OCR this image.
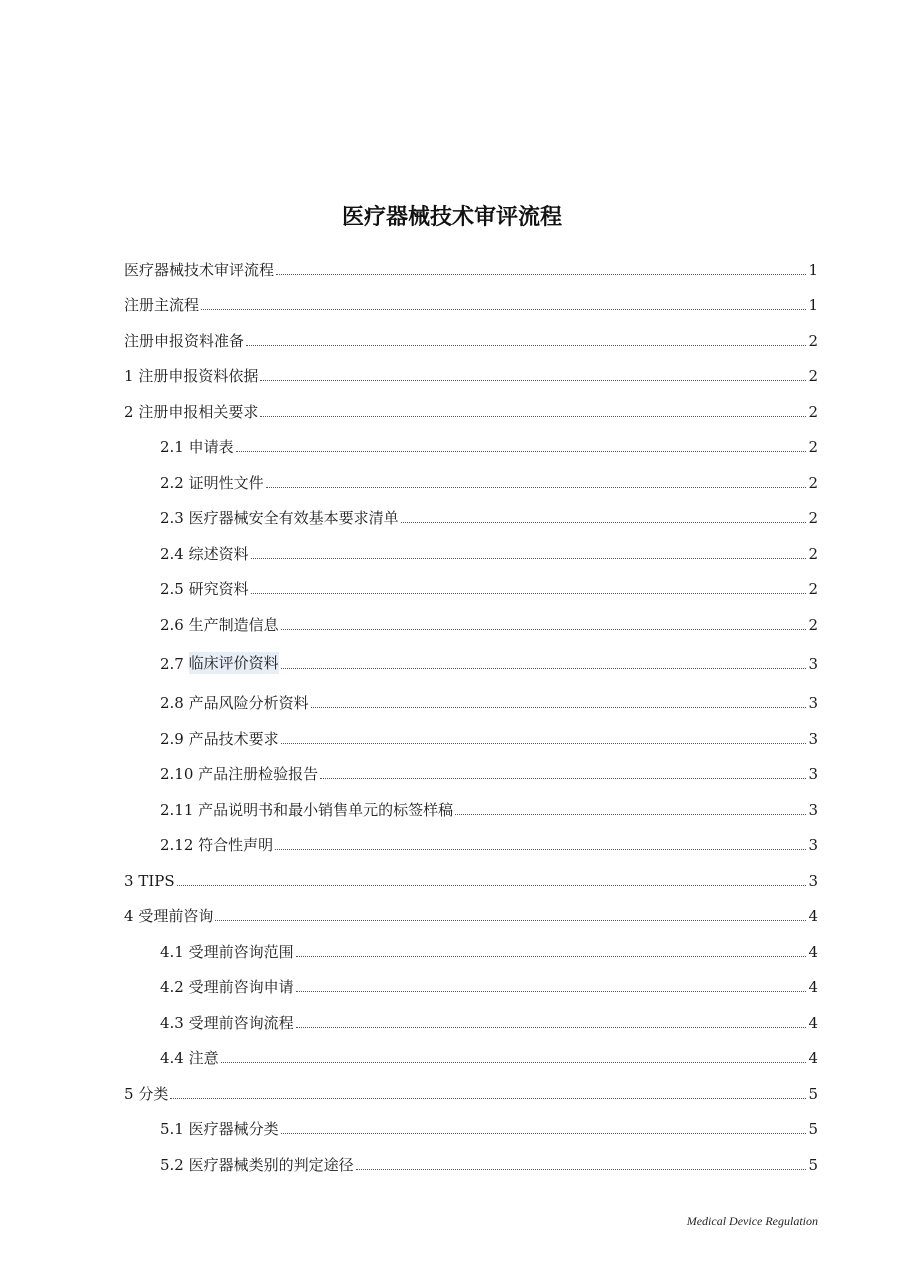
医疗器械技术审评流程
医疗器械技术审评流程	1
注册主流程	1
注册申报资料准备	2
1 注册申报资料依据	2
2 注册申报相关要求	2
2.1 申请表	2
2.2 证明性文件	2
2.3 医疗器械安全有效基本要求清单	2
2.4 综述资料	2
2.5 研究资料	2
2.6 生产制造信息	2
2.7 临床评价资料	3
2.8 产品风险分析资料	3
2.9 产品技术要求	3
2.10 产品注册检验报告	3
2.11 产品说明书和最小销售单元的标签样稿	3
2.12 符合性声明	3
3 TIPS	3
4 受理前咨询	4
4.1 受理前咨询范围	4
4.2 受理前咨询申请	4
4.3 受理前咨询流程	4
4.4 注意	4
5 分类	5
5.1 医疗器械分类	5
5.2 医疗器械类别的判定途径	5
Medical Device Regulation
